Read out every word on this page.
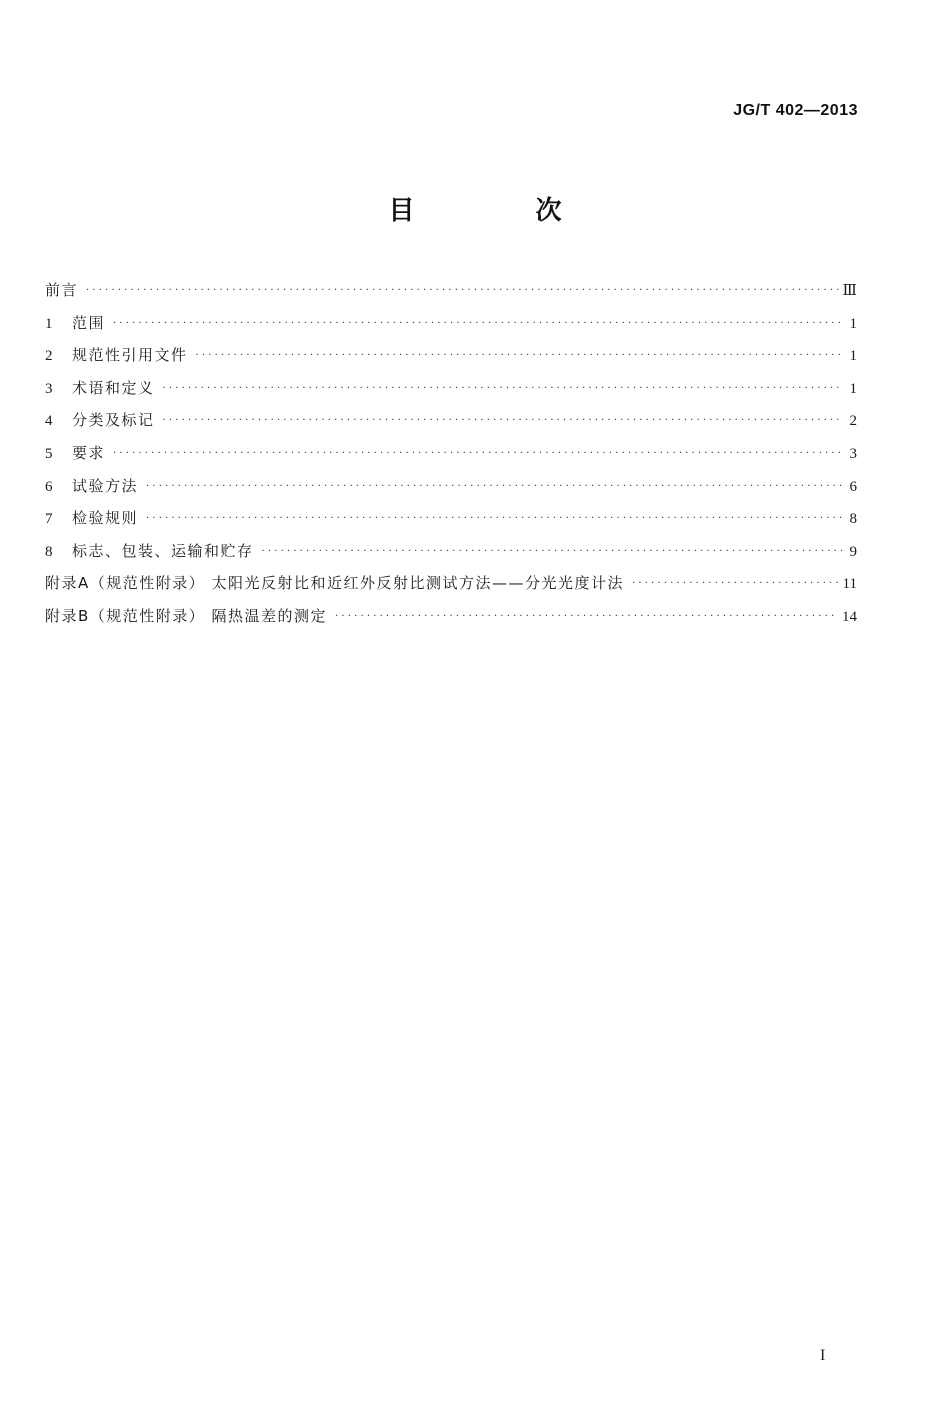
JG/T 402—2013
目 次
前言 · · ·	Ⅲ
1	范围 · · ·	1
2	规范性引用文件 · · ·	1
3	术语和定义 · · ·	1
4	分类及标记 · · ·	2
5	要求 · · ·	3
6	试验方法 · · ·	6
7	检验规则 · · ·	8
8	标志、包装、运输和贮存 · · ·	9
附录A（规范性附录） 太阳光反射比和近红外反射比测试方法——分光光度计法 · · ·	11
附录B（规范性附录） 隔热温差的测定 · · ·	14
I
